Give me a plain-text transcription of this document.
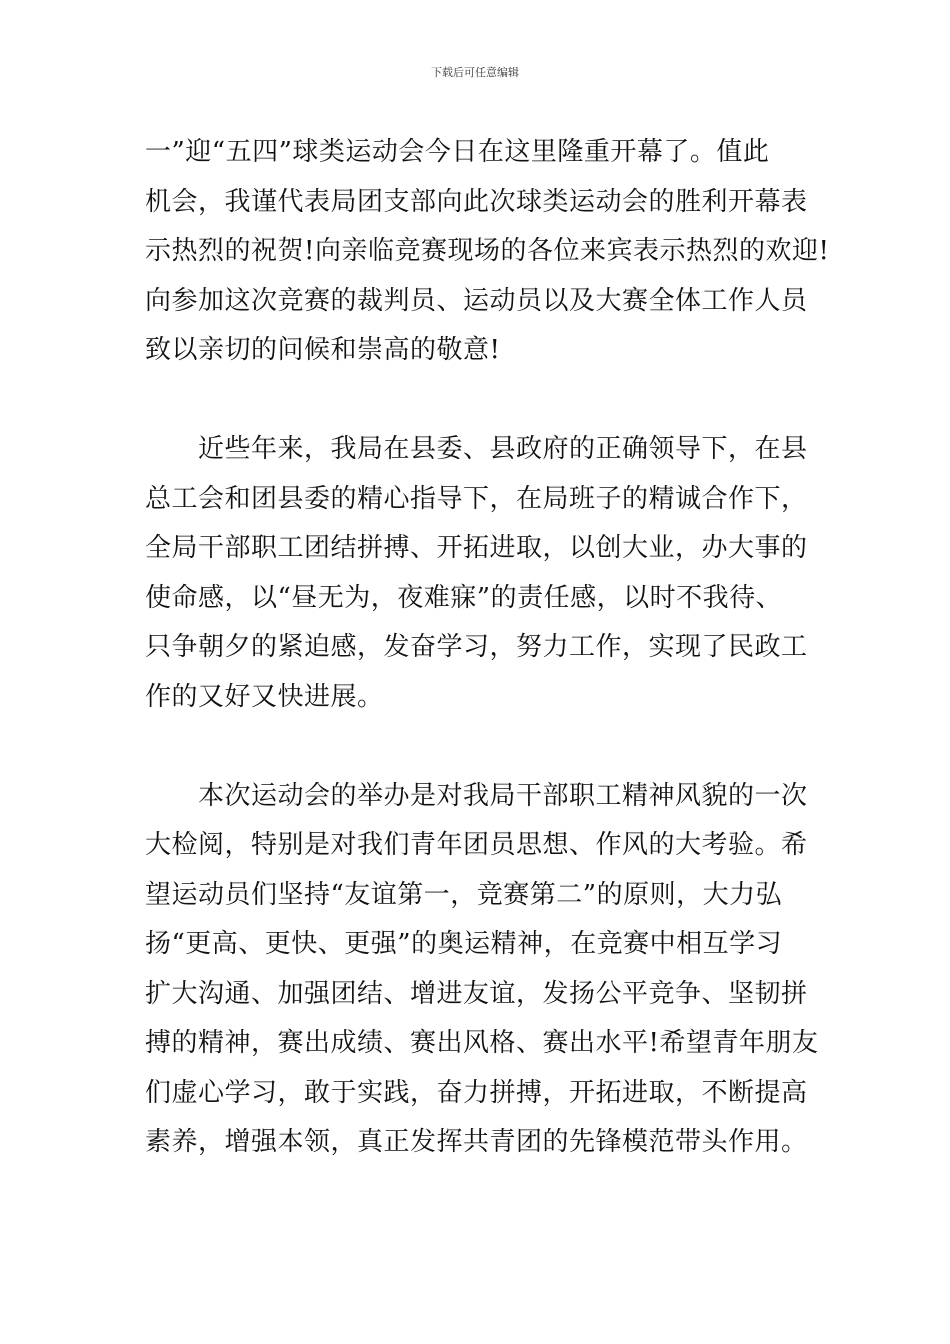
下载后可任意编辑
一”迎“五四”球类运动会今日在这里隆重开幕了。值此
机会，我谨代表局团支部向此次球类运动会的胜利开幕表
示热烈的祝贺!向亲临竞赛现场的各位来宾表示热烈的欢迎!
向参加这次竞赛的裁判员、运动员以及大赛全体工作人员
致以亲切的问候和崇高的敬意!
　　近些年来，我局在县委、县政府的正确领导下，在县
总工会和团县委的精心指导下，在局班子的精诚合作下，
全局干部职工团结拼搏、开拓进取，以创大业，办大事的
使命感，以“昼无为，夜难寐”的责任感，以时不我待、
只争朝夕的紧迫感，发奋学习，努力工作，实现了民政工
作的又好又快进展。
　　本次运动会的举办是对我局干部职工精神风貌的一次
大检阅，特别是对我们青年团员思想、作风的大考验。希
望运动员们坚持“友谊第一，竞赛第二”的原则，大力弘
扬“更高、更快、更强”的奥运精神，在竞赛中相互学习
扩大沟通、加强团结、增进友谊，发扬公平竞争、坚韧拼
搏的精神，赛出成绩、赛出风格、赛出水平!希望青年朋友
们虚心学习，敢于实践，奋力拼搏，开拓进取，不断提高
素养，增强本领，真正发挥共青团的先锋模范带头作用。
